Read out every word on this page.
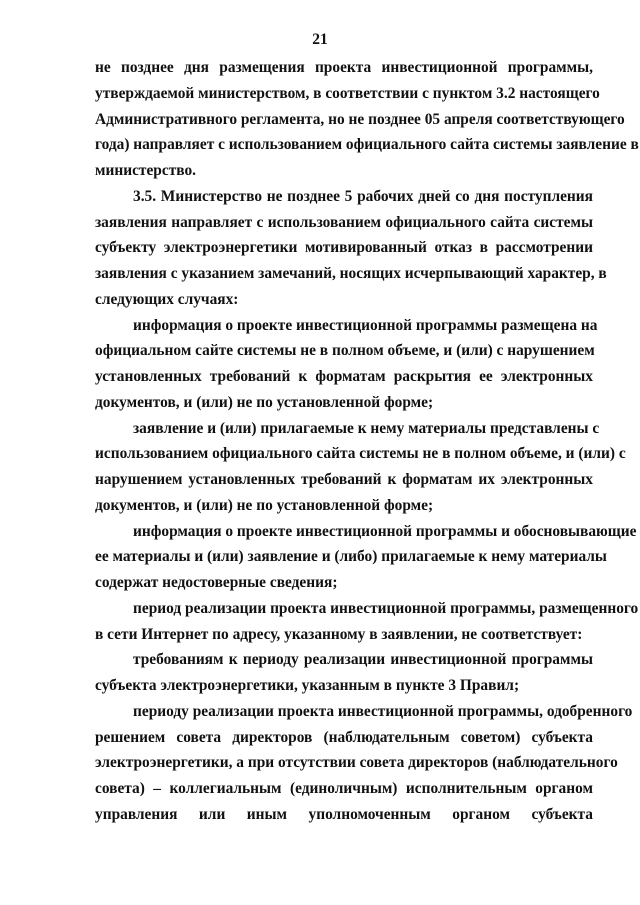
21
не позднее дня размещения проекта инвестиционной программы,
утверждаемой министерством, в соответствии с пунктом 3.2 настоящего
Административного регламента, но не позднее 05 апреля соответствующего
года) направляет с использованием официального сайта системы заявление в
министерство.
3.5. Министерство не позднее 5 рабочих дней со дня поступления
заявления направляет с использованием официального сайта системы
субъекту электроэнергетики мотивированный отказ в рассмотрении
заявления с указанием замечаний, носящих исчерпывающий характер, в
следующих случаях:
информация о проекте инвестиционной программы размещена на
официальном сайте системы не в полном объеме, и (или) с нарушением
установленных требований к форматам раскрытия ее электронных
документов, и (или) не по установленной форме;
заявление и (или) прилагаемые к нему материалы представлены с
использованием официального сайта системы не в полном объеме, и (или) с
нарушением установленных требований к форматам их электронных
документов, и (или) не по установленной форме;
информация о проекте инвестиционной программы и обосновывающие
ее материалы и (или) заявление и (либо) прилагаемые к нему материалы
содержат недостоверные сведения;
период реализации проекта инвестиционной программы, размещенного
в сети Интернет по адресу, указанному в заявлении, не соответствует:
требованиям к периоду реализации инвестиционной программы
субъекта электроэнергетики, указанным в пункте 3 Правил;
периоду реализации проекта инвестиционной программы, одобренного
решением совета директоров (наблюдательным советом) субъекта
электроэнергетики, а при отсутствии совета директоров (наблюдательного
совета) – коллегиальным (единоличным) исполнительным органом
управления или иным уполномоченным органом субъекта
